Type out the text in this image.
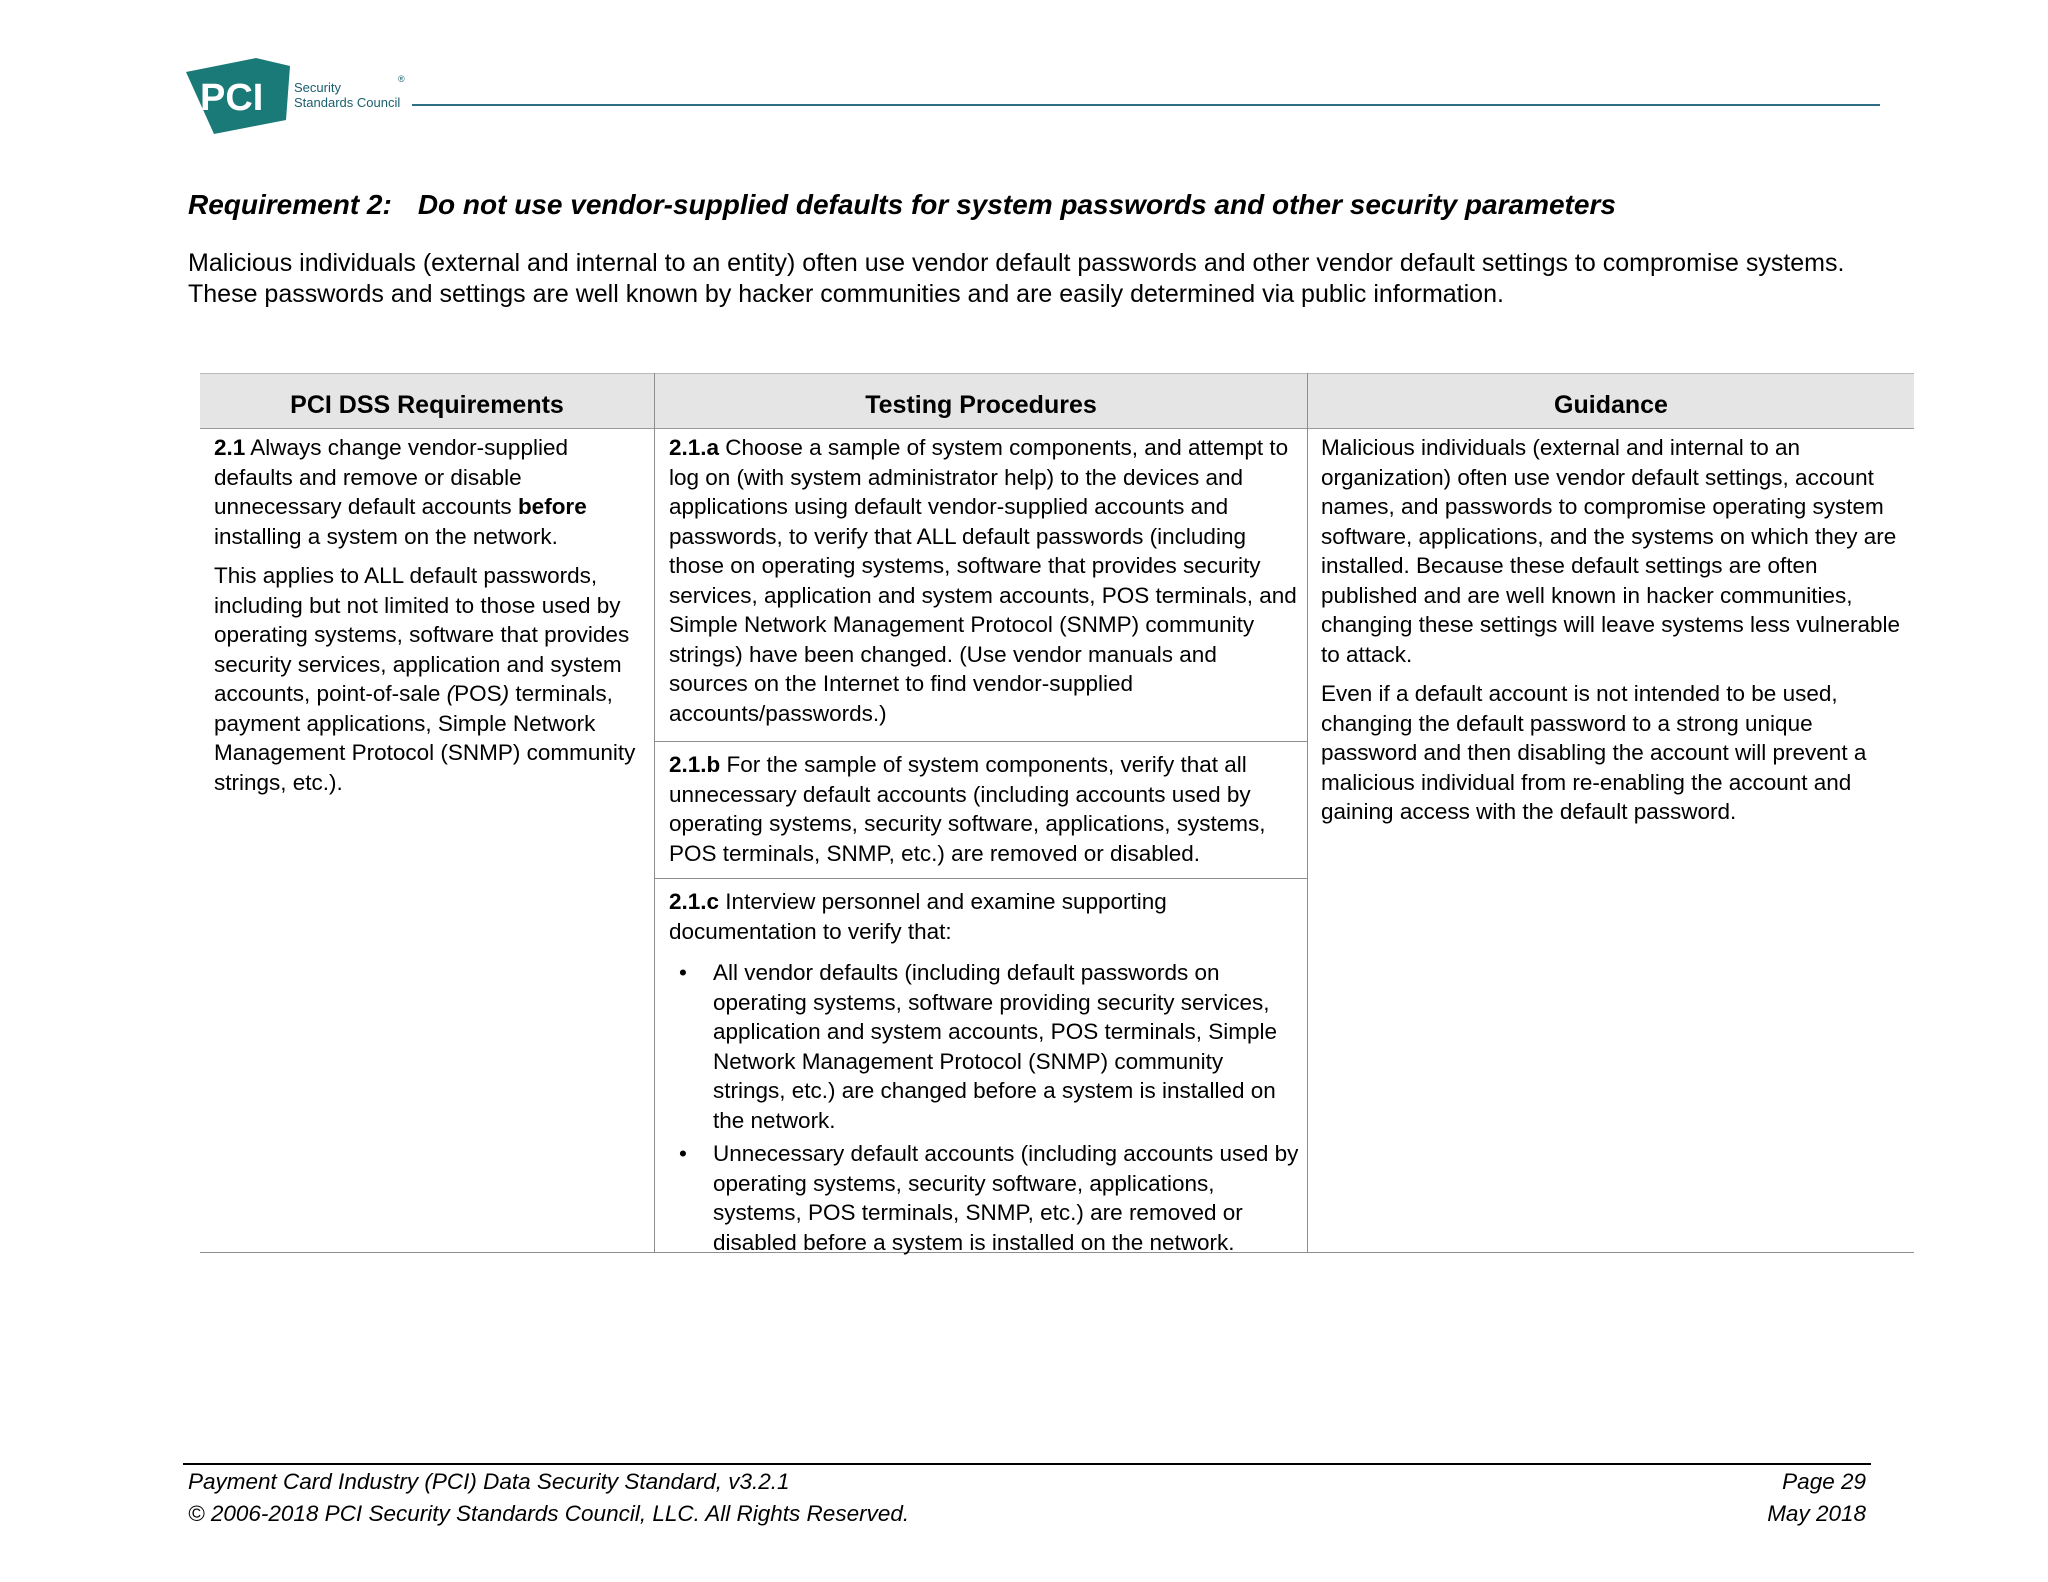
PCI Security
Standards Council
®
Requirement 2: Do not use vendor-supplied defaults for system passwords and other security parameters
Malicious individuals (external and internal to an entity) often use vendor default passwords and other vendor default settings to compromise systems. These passwords and settings are well known by hacker communities and are easily determined via public information.
PCI DSS Requirements	Testing Procedures	Guidance

2.1 Always change vendor-supplied defaults and remove or disable unnecessary default accounts before installing a system on the network.

This applies to ALL default passwords, including but not limited to those used by operating systems, software that provides security services, application and system accounts, point-of-sale (POS) terminals, payment applications, Simple Network Management Protocol (SNMP) community strings, etc.).

2.1.a Choose a sample of system components, and attempt to log on (with system administrator help) to the devices and applications using default vendor-supplied accounts and passwords, to verify that ALL default passwords (including those on operating systems, software that provides security services, application and system accounts, POS terminals, and Simple Network Management Protocol (SNMP) community strings) have been changed. (Use vendor manuals and sources on the Internet to find vendor-supplied accounts/passwords.)

2.1.b For the sample of system components, verify that all unnecessary default accounts (including accounts used by operating systems, security software, applications, systems, POS terminals, SNMP, etc.) are removed or disabled.

2.1.c Interview personnel and examine supporting documentation to verify that:

• All vendor defaults (including default passwords on operating systems, software providing security services, application and system accounts, POS terminals, Simple Network Management Protocol (SNMP) community strings, etc.) are changed before a system is installed on the network.
• Unnecessary default accounts (including accounts used by operating systems, security software, applications, systems, POS terminals, SNMP, etc.) are removed or disabled before a system is installed on the network.

Malicious individuals (external and internal to an organization) often use vendor default settings, account names, and passwords to compromise operating system software, applications, and the systems on which they are installed. Because these default settings are often published and are well known in hacker communities, changing these settings will leave systems less vulnerable to attack.

Even if a default account is not intended to be used, changing the default password to a strong unique password and then disabling the account will prevent a malicious individual from re-enabling the account and gaining access with the default password.

Payment Card Industry (PCI) Data Security Standard, v3.2.1
© 2006-2018 PCI Security Standards Council, LLC. All Rights Reserved.
Page 29
May 2018
